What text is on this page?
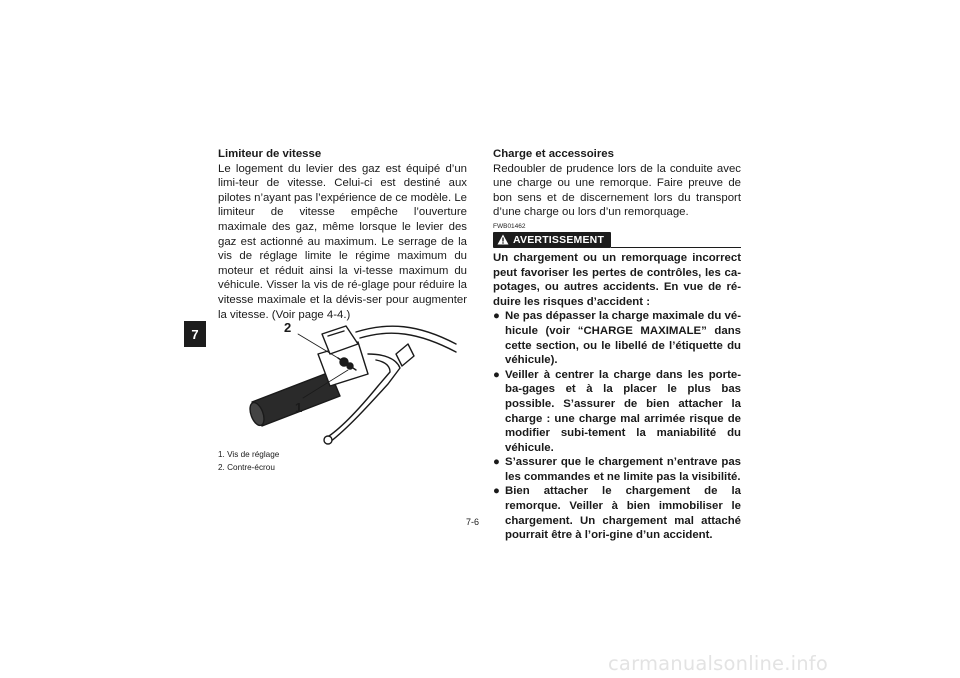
7
Limiteur de vitesse
Le logement du levier des gaz est équipé d’un limi-teur de vitesse. Celui-ci est destiné aux pilotes n’ayant pas l’expérience de ce modèle. Le limiteur de vitesse empêche l’ouverture maximale des gaz, même lorsque le levier des gaz est actionné au maximum. Le serrage de la vis de réglage limite le régime maximum du moteur et réduit ainsi la vi-tesse maximum du véhicule. Visser la vis de ré-glage pour réduire la vitesse maximale et la dévis-ser pour augmenter la vitesse. (Voir page 4-4.)
2
1
1. Vis de réglage
2. Contre-écrou
Charge et accessoires
Redoubler de prudence lors de la conduite avec une charge ou une remorque. Faire preuve de bon sens et de discernement lors du transport d’une charge ou lors d’un remorquage.
FWB01462
AVERTISSEMENT
Un chargement ou un remorquage incorrect peut favoriser les pertes de contrôles, les ca-potages, ou autres accidents. En vue de ré-duire les risques d’accident :
● Ne pas dépasser la charge maximale du vé-hicule (voir “CHARGE MAXIMALE” dans cette section, ou le libellé de l’étiquette du véhicule).
● Veiller à centrer la charge dans les porte-ba-gages et à la placer le plus bas possible. S’assurer de bien attacher la charge : une charge mal arrimée risque de modifier subi-tement la maniabilité du véhicule.
● S’assurer que le chargement n’entrave pas les commandes et ne limite pas la visibilité.
● Bien attacher le chargement de la remorque. Veiller à bien immobiliser le chargement. Un chargement mal attaché pourrait être à l’ori-gine d’un accident.
7-6
carmanualsonline.info
